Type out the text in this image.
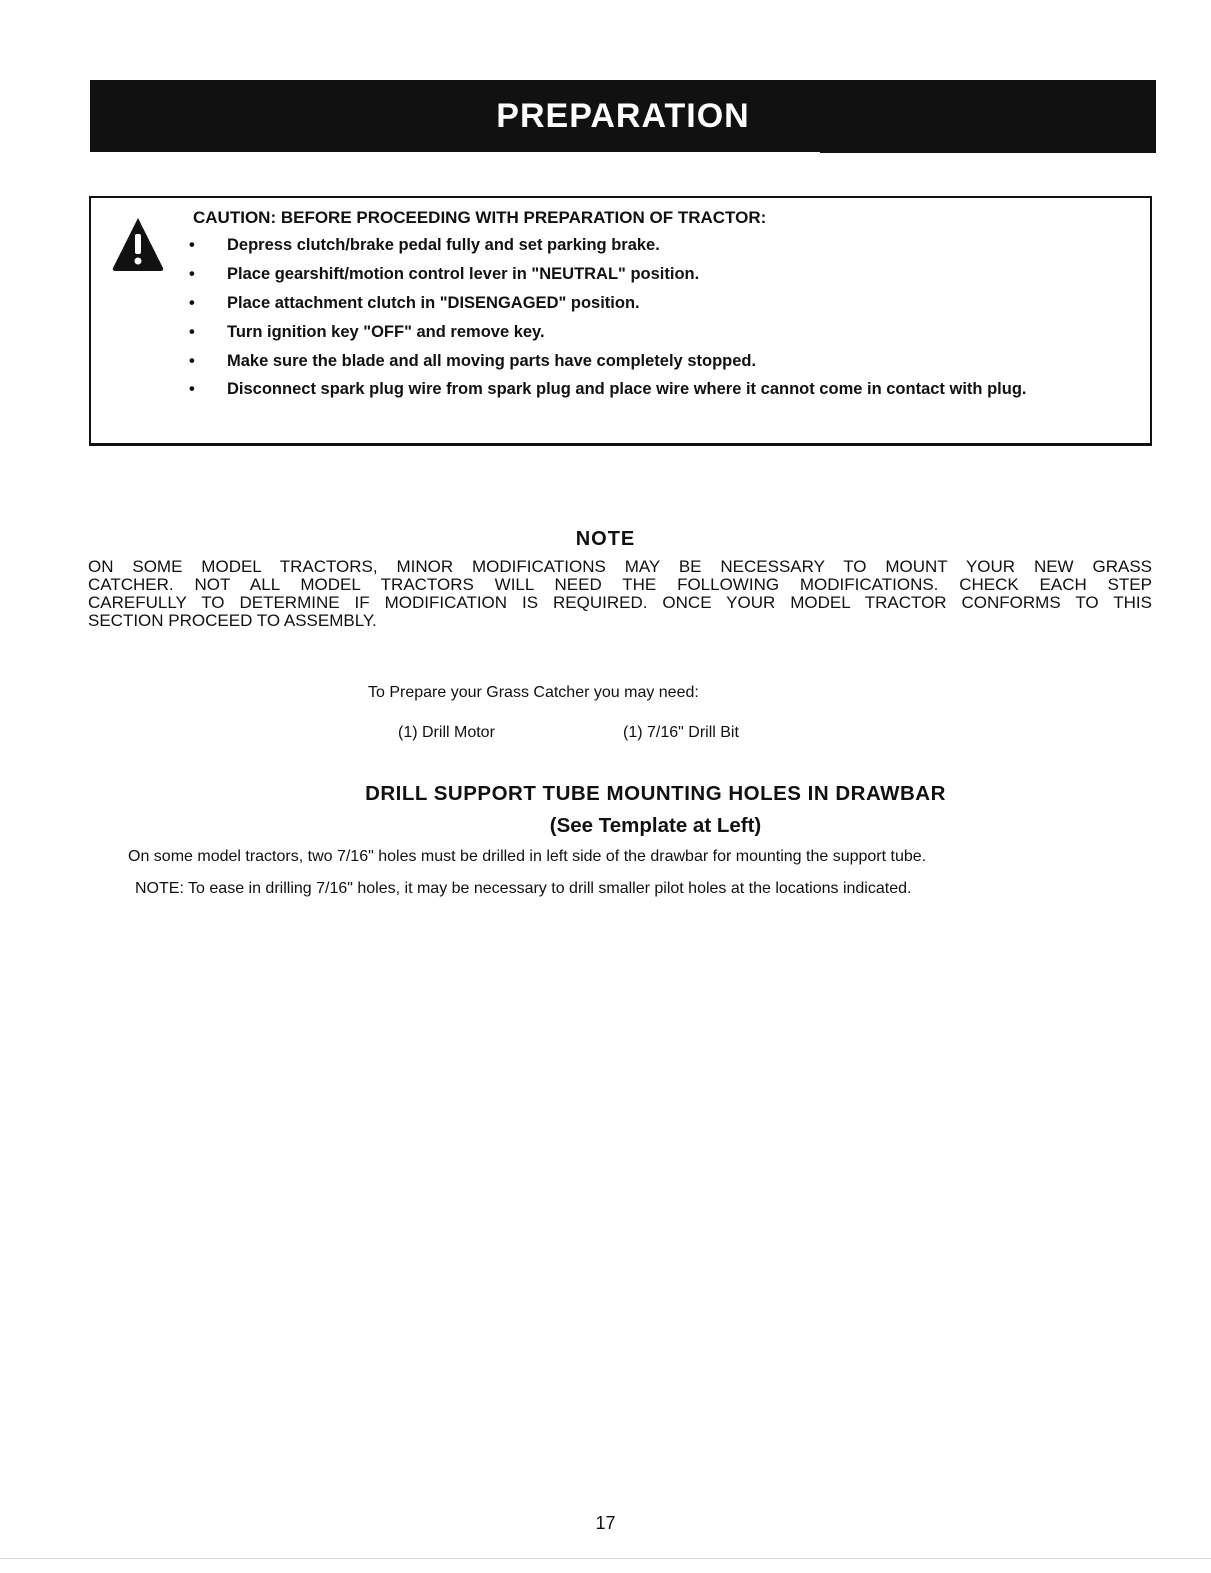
PREPARATION
CAUTION: BEFORE PROCEEDING WITH PREPARATION OF TRACTOR:
• Depress clutch/brake pedal fully and set parking brake.
• Place gearshift/motion control lever in "NEUTRAL" position.
• Place attachment clutch in "DISENGAGED" position.
• Turn ignition key "OFF" and remove key.
• Make sure the blade and all moving parts have completely stopped.
• Disconnect spark plug wire from spark plug and place wire where it cannot come in contact with plug.
NOTE
ON SOME MODEL TRACTORS, MINOR MODIFICATIONS MAY BE NECESSARY TO MOUNT YOUR NEW GRASS
CATCHER. NOT ALL MODEL TRACTORS WILL NEED THE FOLLOWING MODIFICATIONS. CHECK EACH STEP
CAREFULLY TO DETERMINE IF MODIFICATION IS REQUIRED. ONCE YOUR MODEL TRACTOR CONFORMS TO THIS
SECTION PROCEED TO ASSEMBLY.
To Prepare your Grass Catcher you may need:
(1) Drill Motor	(1) 7/16" Drill Bit
DRILL SUPPORT TUBE MOUNTING HOLES IN DRAWBAR
(See Template at Left)
On some model tractors, two 7/16" holes must be drilled in left side of the drawbar for mounting the support tube.
NOTE: To ease in drilling 7/16" holes, it may be necessary to drill smaller pilot holes at the locations indicated.
17
